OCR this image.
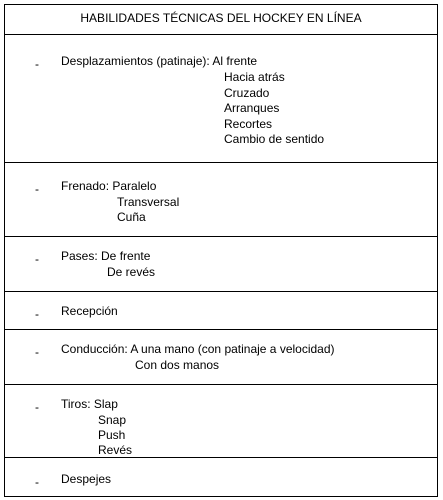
HABILIDADES TÉCNICAS DEL HOCKEY EN LÍNEA
- Desplazamientos (patinaje): Al frente
Hacia atrás
Cruzado
Arranques
Recortes
Cambio de sentido
- Frenado: Paralelo
Transversal
Cuña
- Pases: De frente
De revés
- Recepción
- Conducción: A una mano (con patinaje a velocidad)
Con dos manos
- Tiros: Slap
Snap
Push
Revés
- Despejes
